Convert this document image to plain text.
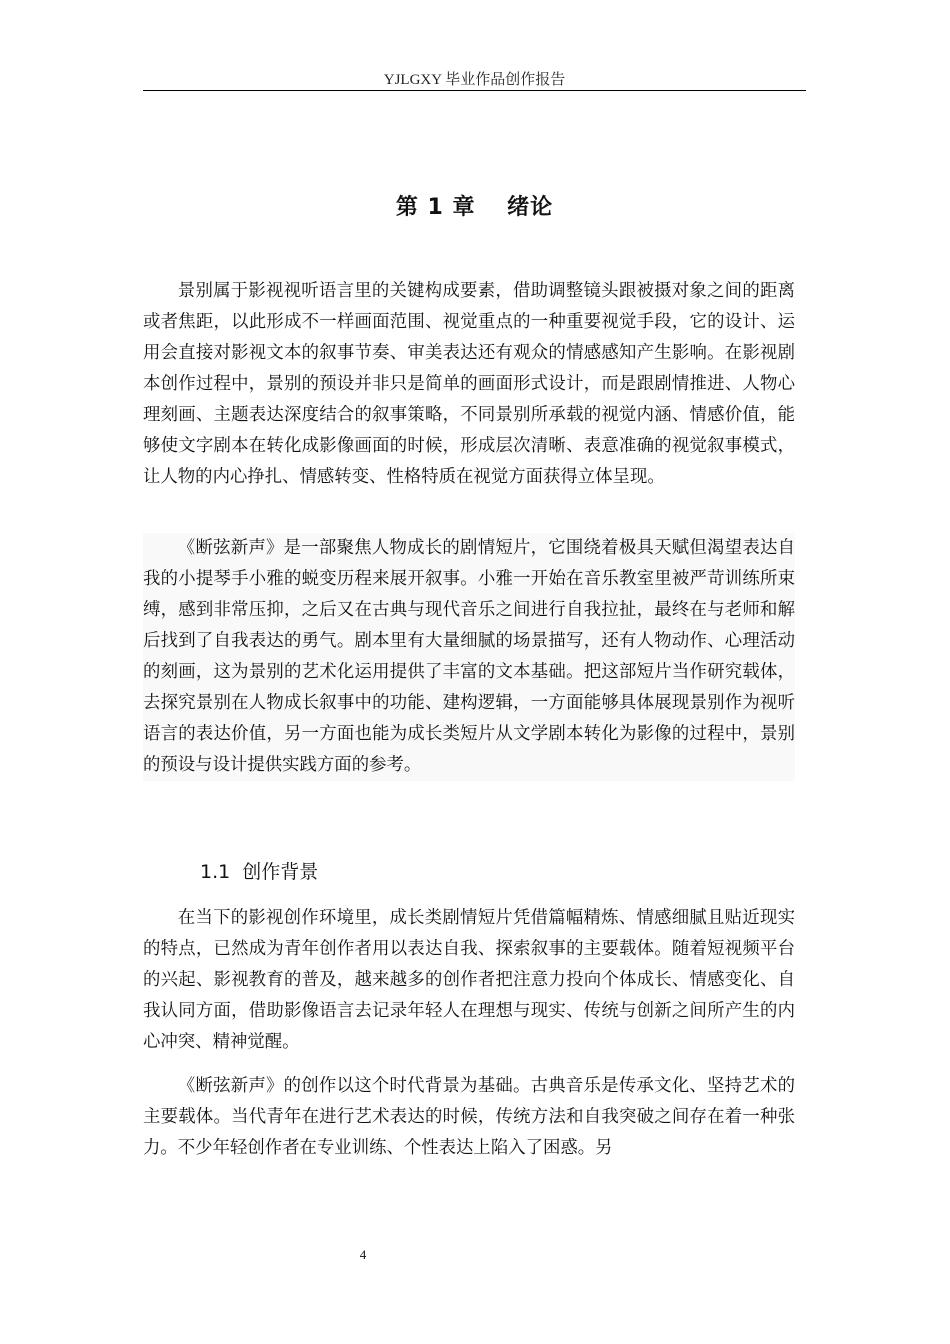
YJLGXY 毕业作品创作报告
第 1 章　 绪论

景别属于影视视听语言里的关键构成要素，借助调整镜头跟被摄对象之间的距离或者焦距，以此形成不一样画面范围、视觉重点的一种重要视觉手段，它的设计、运用会直接对影视文本的叙事节奏、审美表达还有观众的情感感知产生影响。在影视剧本创作过程中，景别的预设并非只是简单的画面形式设计，而是跟剧情推进、人物心理刻画、主题表达深度结合的叙事策略，不同景别所承载的视觉内涵、情感价值，能够使文字剧本在转化成影像画面的时候，形成层次清晰、表意准确的视觉叙事模式，让人物的内心挣扎、情感转变、性格特质在视觉方面获得立体呈现。

《断弦新声》是一部聚焦人物成长的剧情短片，它围绕着极具天赋但渴望表达自我的小提琴手小雅的蜕变历程来展开叙事。小雅一开始在音乐教室里被严苛训练所束缚，感到非常压抑，之后又在古典与现代音乐之间进行自我拉扯，最终在与老师和解后找到了自我表达的勇气。剧本里有大量细腻的场景描写，还有人物动作、心理活动的刻画，这为景别的艺术化运用提供了丰富的文本基础。把这部短片当作研究载体，去探究景别在人物成长叙事中的功能、建构逻辑，一方面能够具体展现景别作为视听语言的表达价值，另一方面也能为成长类短片从文学剧本转化为影像的过程中，景别的预设与设计提供实践方面的参考。

1.1  创作背景

在当下的影视创作环境里，成长类剧情短片凭借篇幅精炼、情感细腻且贴近现实的特点，已然成为青年创作者用以表达自我、探索叙事的主要载体。随着短视频平台的兴起、影视教育的普及，越来越多的创作者把注意力投向个体成长、情感变化、自我认同方面，借助影像语言去记录年轻人在理想与现实、传统与创新之间所产生的内心冲突、精神觉醒。

《断弦新声》的创作以这个时代背景为基础。古典音乐是传承文化、坚持艺术的主要载体。当代青年在进行艺术表达的时候，传统方法和自我突破之间存在着一种张力。不少年轻创作者在专业训练、个性表达上陷入了困惑。另

4
